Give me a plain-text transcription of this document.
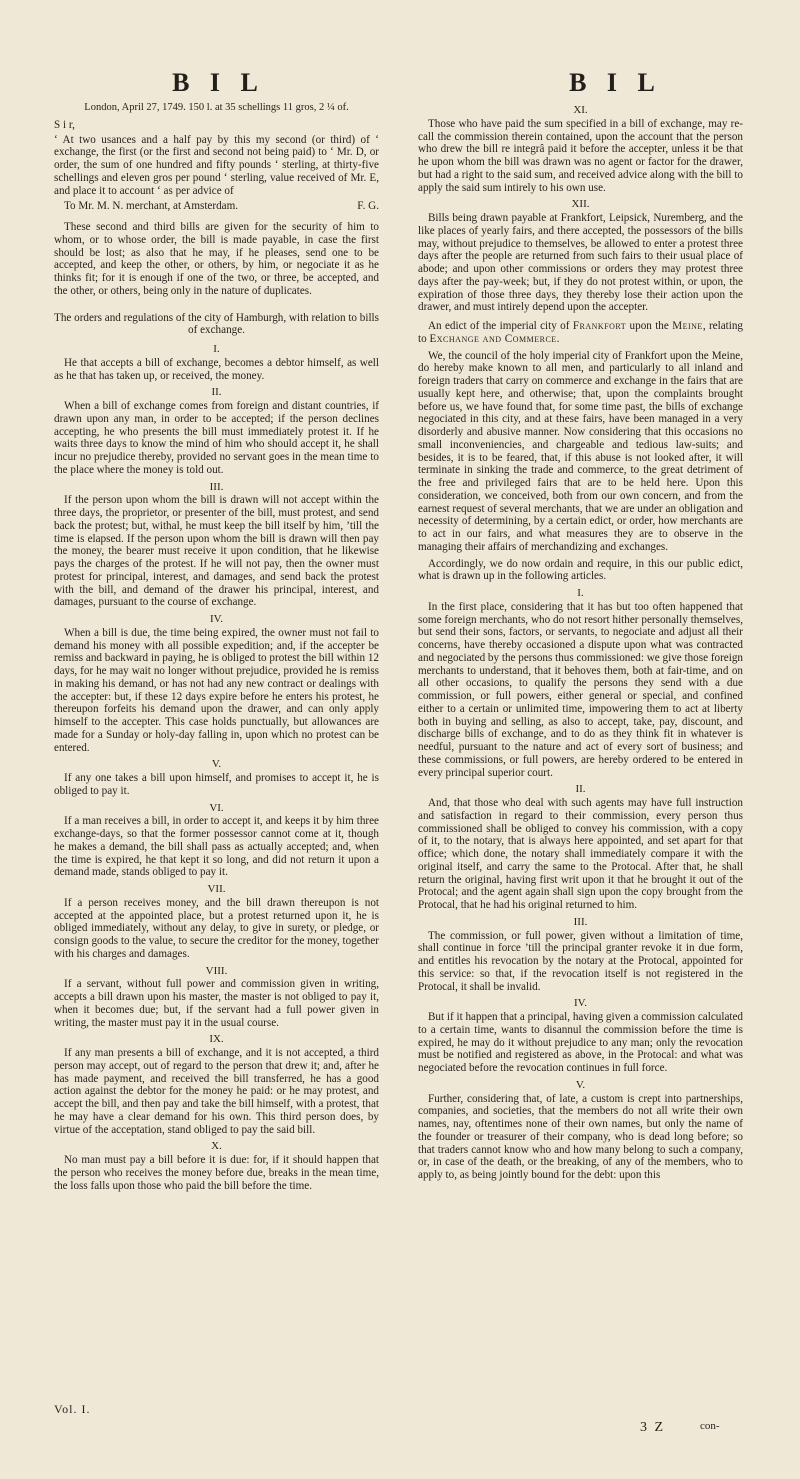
B I L	B I L

London, April 27, 1749. 150 l. at 35 schellings 11 gros, 2 ¼ of.

S i r,

‘ At two usances and a half pay by this my second (or third) of ‘ exchange, the first (or the first and second not being paid) to ‘ Mr. D, or order, the sum of one hundred and fifty pounds ‘ sterling, at thirty-five schellings and eleven gros per pound ‘ sterling, value received of Mr. E, and place it to account ‘ as per advice of

To Mr. M. N. merchant, at Amsterdam.	F. G.

These second and third bills are given for the security of him to whom, or to whose order, the bill is made payable, in case the first should be lost; as also that he may, if he pleases, send one to be accepted, and keep the other, or others, by him, or negociate it as he thinks fit; for it is enough if one of the two, or three, be accepted, and the other, or others, being only in the nature of duplicates.

The orders and regulations of the city of Hamburgh, with relation to bills of exchange.

I.

He that accepts a bill of exchange, becomes a debtor himself, as well as he that has taken up, or received, the money.

II.

When a bill of exchange comes from foreign and distant countries, if drawn upon any man, in order to be accepted; if the person declines accepting, he who presents the bill must immediately protest it. If he waits three days to know the mind of him who should accept it, he shall incur no prejudice thereby, provided no servant goes in the mean time to the place where the money is told out.

III.

If the person upon whom the bill is drawn will not accept within the three days, the proprietor, or presenter of the bill, must protest, and send back the protest; but, withal, he must keep the bill itself by him, ’till the time is elapsed. If the person upon whom the bill is drawn will then pay the money, the bearer must receive it upon condition, that he likewise pays the charges of the protest. If he will not pay, then the owner must protest for principal, interest, and damages, and send back the protest with the bill, and demand of the drawer his principal, interest, and damages, pursuant to the course of exchange.

IV.

When a bill is due, the time being expired, the owner must not fail to demand his money with all possible expedition; and, if the accepter be remiss and backward in paying, he is obliged to protest the bill within 12 days, for he may wait no longer without prejudice, provided he is remiss in making his demand, or has not had any new contract or dealings with the accepter: but, if these 12 days expire before he enters his protest, he thereupon forfeits his demand upon the drawer, and can only apply himself to the accepter. This case holds punctually, but allowances are made for a Sunday or holy-day falling in, upon which no protest can be entered.

V.

If any one takes a bill upon himself, and promises to accept it, he is obliged to pay it.

VI.

If a man receives a bill, in order to accept it, and keeps it by him three exchange-days, so that the former possessor cannot come at it, though he makes a demand, the bill shall pass as actually accepted; and, when the time is expired, he that kept it so long, and did not return it upon a demand made, stands obliged to pay it.

VII.

If a person receives money, and the bill drawn thereupon is not accepted at the appointed place, but a protest returned upon it, he is obliged immediately, without any delay, to give in surety, or pledge, or consign goods to the value, to secure the creditor for the money, together with his charges and damages.

VIII.

If a servant, without full power and commission given in writing, accepts a bill drawn upon his master, the master is not obliged to pay it, when it becomes due; but, if the servant had a full power given in writing, the master must pay it in the usual course.

IX.

If any man presents a bill of exchange, and it is not accepted, a third person may accept, out of regard to the person that drew it; and, after he has made payment, and received the bill transferred, he has a good action against the debtor for the money he paid: or he may protest, and accept the bill, and then pay and take the bill himself, with a protest, that he may have a clear demand for his own. This third person does, by virtue of the acceptation, stand obliged to pay the said bill.

X.

No man must pay a bill before it is due: for, if it should happen that the person who receives the money before due, breaks in the mean time, the loss falls upon those who paid the bill before the time.

XI.

Those who have paid the sum specified in a bill of exchange, may re-call the commission therein contained, upon the account that the person who drew the bill re integrâ paid it before the accepter, unless it be that he upon whom the bill was drawn was no agent or factor for the drawer, but had a right to the said sum, and received advice along with the bill to apply the said sum intirely to his own use.

XII.

Bills being drawn payable at Frankfort, Leipsick, Nuremberg, and the like places of yearly fairs, and there accepted, the possessors of the bills may, without prejudice to themselves, be allowed to enter a protest three days after the people are returned from such fairs to their usual place of abode; and upon other commissions or orders they may protest three days after the pay-week; but, if they do not protest within, or upon, the expiration of those three days, they thereby lose their action upon the drawer, and must intirely depend upon the accepter.

An edict of the imperial city of Frankfort upon the Meine, relating to Exchange and Commerce.

We, the council of the holy imperial city of Frankfort upon the Meine, do hereby make known to all men, and particularly to all inland and foreign traders that carry on commerce and exchange in the fairs that are usually kept here, and otherwise; that, upon the complaints brought before us, we have found that, for some time past, the bills of exchange negociated in this city, and at these fairs, have been managed in a very disorderly and abusive manner. Now considering that this occasions no small inconveniencies, and chargeable and tedious law-suits; and besides, it is to be feared, that, if this abuse is not looked after, it will terminate in sinking the trade and commerce, to the great detriment of the free and privileged fairs that are to be held here. Upon this consideration, we conceived, both from our own concern, and from the earnest request of several merchants, that we are under an obligation and necessity of determining, by a certain edict, or order, how merchants are to act in our fairs, and what measures they are to observe in the managing their affairs of merchandizing and exchanges.

Accordingly, we do now ordain and require, in this our public edict, what is drawn up in the following articles.

I.

In the first place, considering that it has but too often happened that some foreign merchants, who do not resort hither personally themselves, but send their sons, factors, or servants, to negociate and adjust all their concerns, have thereby occasioned a dispute upon what was contracted and negociated by the persons thus commissioned: we give those foreign merchants to understand, that it behoves them, both at fair-time, and on all other occasions, to qualify the persons they send with a due commission, or full powers, either general or special, and confined either to a certain or unlimited time, impowering them to act at liberty both in buying and selling, as also to accept, take, pay, discount, and discharge bills of exchange, and to do as they think fit in whatever is needful, pursuant to the nature and act of every sort of business; and these commissions, or full powers, are hereby ordered to be entered in every principal superior court.

II.

And, that those who deal with such agents may have full instruction and satisfaction in regard to their commission, every person thus commissioned shall be obliged to convey his commission, with a copy of it, to the notary, that is always here appointed, and set apart for that office; which done, the notary shall immediately compare it with the original itself, and carry the same to the Protocal. After that, he shall return the original, having first writ upon it that he brought it out of the Protocal; and the agent again shall sign upon the copy brought from the Protocal, that he had his original returned to him.

III.

The commission, or full power, given without a limitation of time, shall continue in force ’till the principal granter revoke it in due form, and entitles his revocation by the notary at the Protocal, appointed for this service: so that, if the revocation itself is not registered in the Protocal, it shall be invalid.

IV.

But if it happen that a principal, having given a commission calculated to a certain time, wants to disannul the commission before the time is expired, he may do it without prejudice to any man; only the revocation must be notified and registered as above, in the Protocal: and what was negociated before the revocation continues in full force.

V.

Further, considering that, of late, a custom is crept into partnerships, companies, and societies, that the members do not all write their own names, nay, oftentimes none of their own names, but only the name of the founder or treasurer of their company, who is dead long before; so that traders cannot know who and how many belong to such a company, or, in case of the death, or the breaking, of any of the members, who to apply to, as being jointly bound for the debt: upon this

Vol. I.
3 Z	con-
